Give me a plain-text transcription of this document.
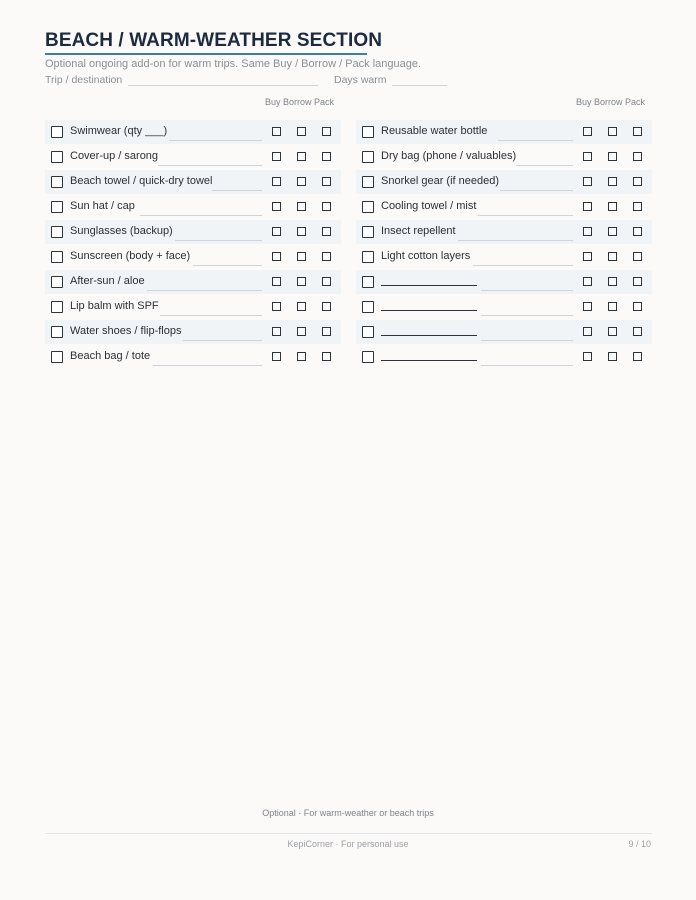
BEACH / WARM-WEATHER SECTION
Optional ongoing add-on for warm trips. Same Buy / Borrow / Pack language.
Trip / destination	Days warm
Buy Borrow Pack
Swimwear (qty ___)
Cover-up / sarong
Beach towel / quick-dry towel
Sun hat / cap
Sunglasses (backup)
Sunscreen (body + face)
After-sun / aloe
Lip balm with SPF
Water shoes / flip-flops
Beach bag / tote
Buy Borrow Pack
Reusable water bottle
Dry bag (phone / valuables)
Snorkel gear (if needed)
Cooling towel / mist
Insect repellent
Light cotton layers
Optional · For warm-weather or beach trips
KepiCorner · For personal use	9 / 10
